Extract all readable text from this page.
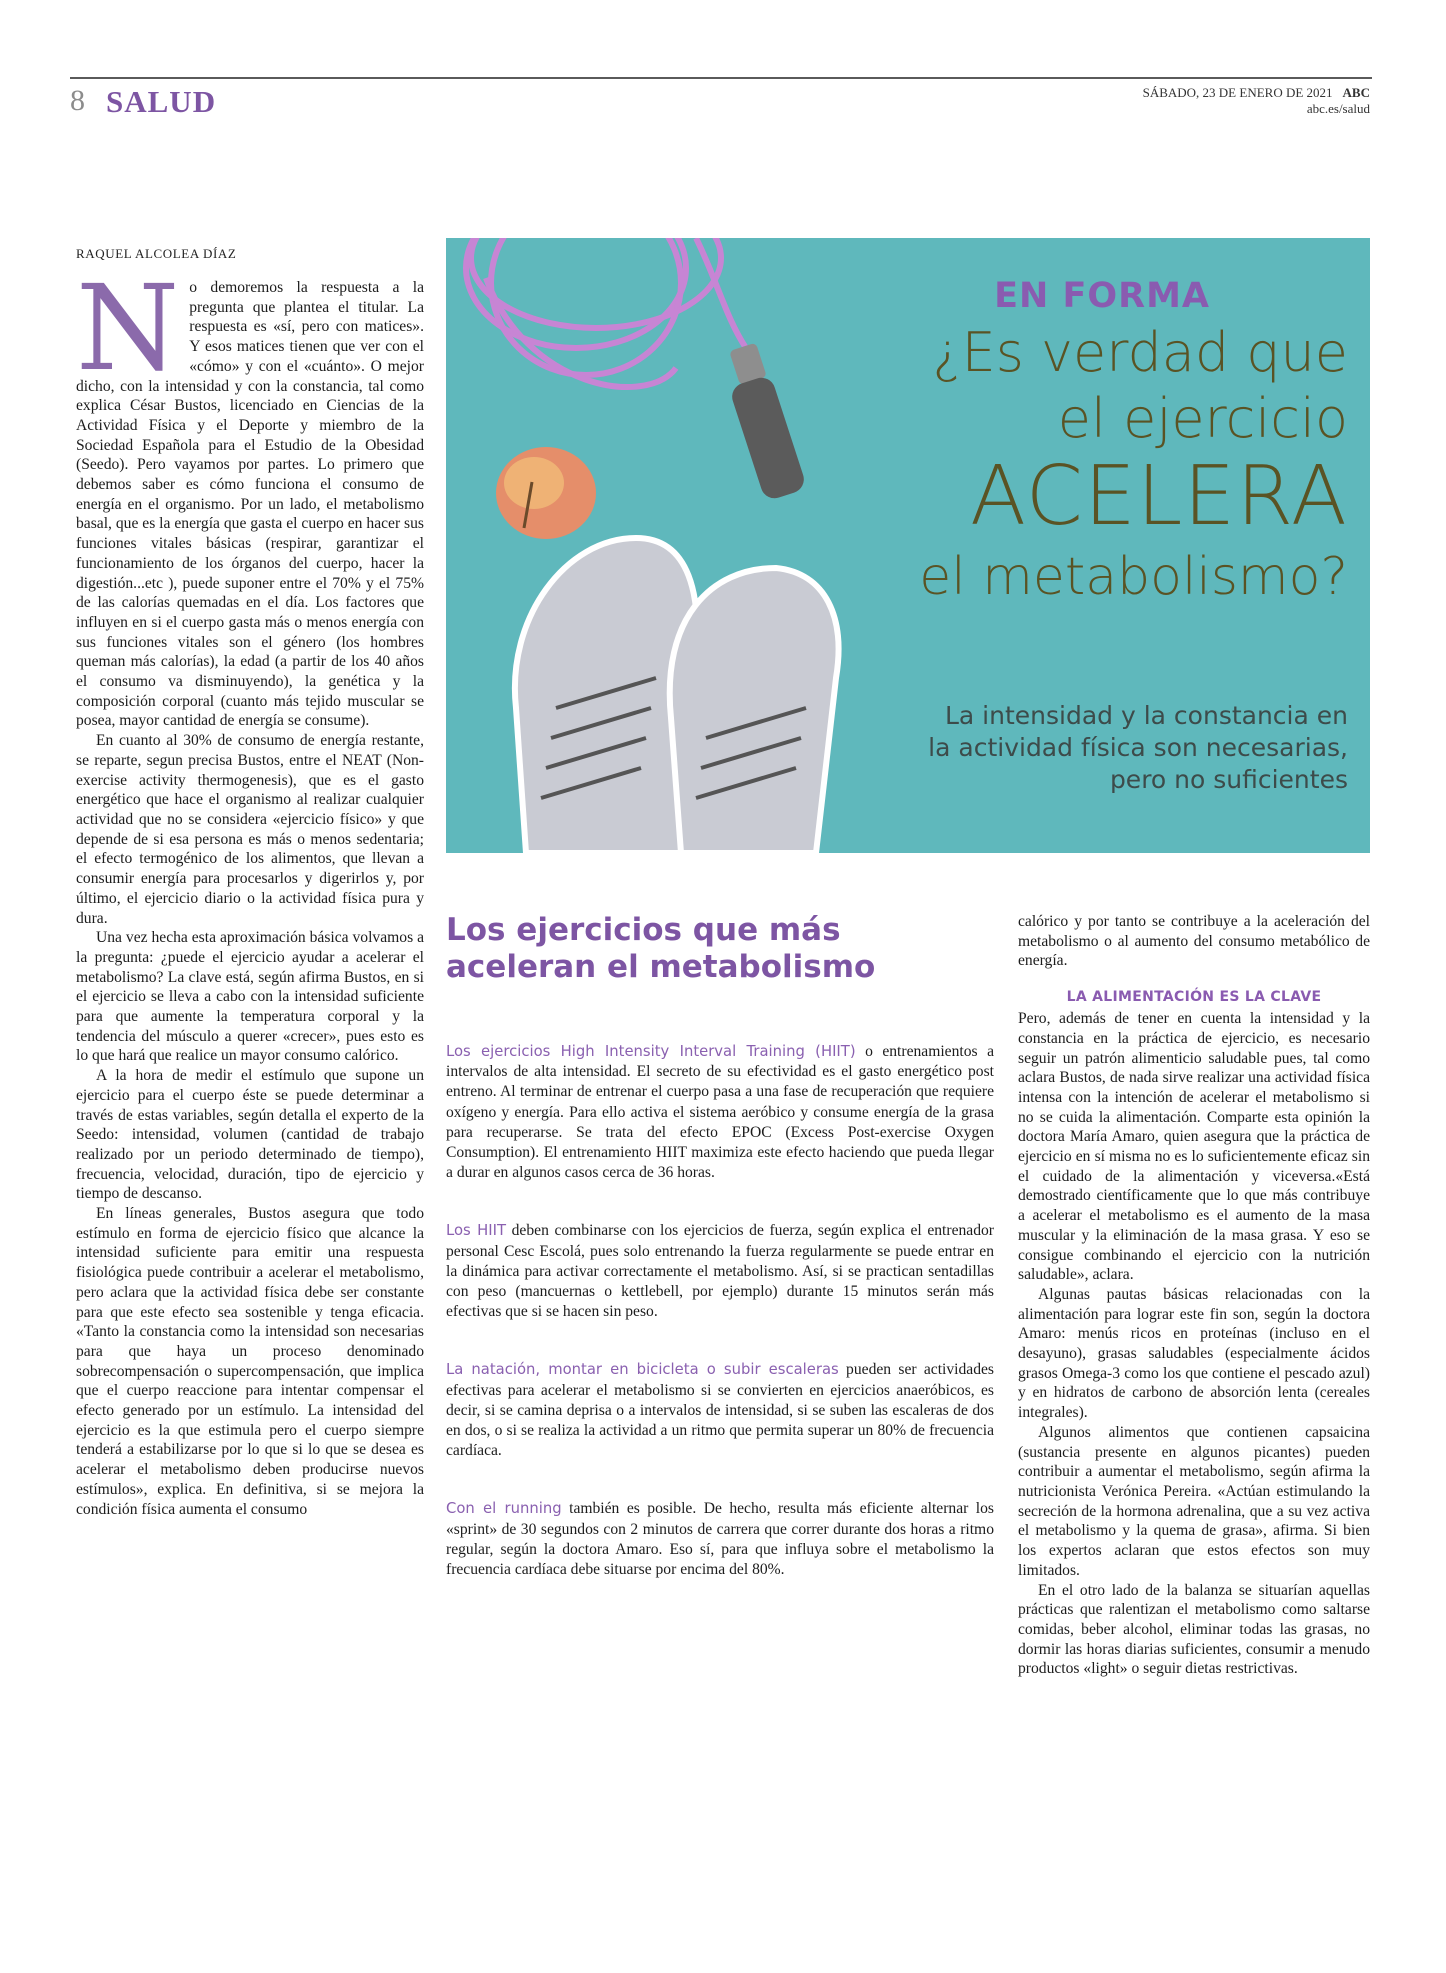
8 SALUD	SÁBADO, 23 DE ENERO DE 2021 ABC
abc.es/salud
RAQUEL ALCOLEA DÍAZ

No demoremos la respuesta a la pregunta que plantea el titular. La respuesta es «sí, pero con matices». Y esos matices tienen que ver con el «cómo» y con el «cuánto». O mejor dicho, con la intensidad y con la constancia, tal como explica César Bustos, licenciado en Ciencias de la Actividad Física y el Deporte y miembro de la Sociedad Española para el Estudio de la Obesidad (Seedo). Pero vayamos por partes. Lo primero que debemos saber es cómo funciona el consumo de energía en el organismo. Por un lado, el metabolismo basal, que es la energía que gasta el cuerpo en hacer sus funciones vitales básicas (respirar, garantizar el funcionamiento de los órganos del cuerpo, hacer la digestión...etc ), puede suponer entre el 70% y el 75% de las calorías quemadas en el día. Los factores que influyen en si el cuerpo gasta más o menos energía con sus funciones vitales son el género (los hombres queman más calorías), la edad (a partir de los 40 años el consumo va disminuyendo), la genética y la composición corporal (cuanto más tejido muscular se posea, mayor cantidad de energía se consume).

En cuanto al 30% de consumo de energía restante, se reparte, segun precisa Bustos, entre el NEAT (Non-exercise activity thermogenesis), que es el gasto energético que hace el organismo al realizar cualquier actividad que no se considera «ejercicio físico» y que depende de si esa persona es más o menos sedentaria; el efecto termogénico de los alimentos, que llevan a consumir energía para procesarlos y digerirlos y, por último, el ejercicio diario o la actividad física pura y dura.

Una vez hecha esta aproximación básica volvamos a la pregunta: ¿puede el ejercicio ayudar a acelerar el metabolismo? La clave está, según afirma Bustos, en si el ejercicio se lleva a cabo con la intensidad suficiente para que aumente la temperatura corporal y la tendencia del músculo a querer «crecer», pues esto es lo que hará que realice un mayor consumo calórico.

A la hora de medir el estímulo que supone un ejercicio para el cuerpo éste se puede determinar a través de estas variables, según detalla el experto de la Seedo: intensidad, volumen (cantidad de trabajo realizado por un periodo determinado de tiempo), frecuencia, velocidad, duración, tipo de ejercicio y tiempo de descanso.

En líneas generales, Bustos asegura que todo estímulo en forma de ejercicio físico que alcance la intensidad suficiente para emitir una respuesta fisiológica puede contribuir a acelerar el metabolismo, pero aclara que la actividad física debe ser constante para que este efecto sea sostenible y tenga eficacia. «Tanto la constancia como la intensidad son necesarias para que haya un proceso denominado sobrecompensación o supercompensación, que implica que el cuerpo reaccione para intentar compensar el efecto generado por un estímulo. La intensidad del ejercicio es la que estimula pero el cuerpo siempre tenderá a estabilizarse por lo que si lo que se desea es acelerar el metabolismo deben producirse nuevos estímulos», explica. En definitiva, si se mejora la condición física aumenta el consumo

EN FORMA
¿Es verdad que
el ejercicio
ACELERA
el metabolismo?
La intensidad y la constancia en la actividad física son necesarias, pero no suficientes
Los ejercicios que más aceleran el metabolismo

Los ejercicios High Intensity Interval Training (HIIT) o entrenamientos a intervalos de alta intensidad. El secreto de su efectividad es el gasto energético post entreno. Al terminar de entrenar el cuerpo pasa a una fase de recuperación que requiere oxígeno y energía. Para ello activa el sistema aeróbico y consume energía de la grasa para recuperarse. Se trata del efecto EPOC (Excess Post-exercise Oxygen Consumption). El entrenamiento HIIT maximiza este efecto haciendo que pueda llegar a durar en algunos casos cerca de 36 horas.

Los HIIT deben combinarse con los ejercicios de fuerza, según explica el entrenador personal Cesc Escolá, pues solo entrenando la fuerza regularmente se puede entrar en la dinámica para activar correctamente el metabolismo. Así, si se practican sentadillas con peso (mancuernas o kettlebell, por ejemplo) durante 15 minutos serán más efectivas que si se hacen sin peso.

La natación, montar en bicicleta o subir escaleras pueden ser actividades efectivas para acelerar el metabolismo si se convierten en ejercicios anaeróbicos, es decir, si se camina deprisa o a intervalos de intensidad, si se suben las escaleras de dos en dos, o si se realiza la actividad a un ritmo que permita superar un 80% de frecuencia cardíaca.

Con el running también es posible. De hecho, resulta más eficiente alternar los «sprint» de 30 segundos con 2 minutos de carrera que correr durante dos horas a ritmo regular, según la doctora Amaro. Eso sí, para que influya sobre el metabolismo la frecuencia cardíaca debe situarse por encima del 80%.

calórico y por tanto se contribuye a la aceleración del metabolismo o al aumento del consumo metabólico de energía.

LA ALIMENTACIÓN ES LA CLAVE

Pero, además de tener en cuenta la intensidad y la constancia en la práctica de ejercicio, es necesario seguir un patrón alimenticio saludable pues, tal como aclara Bustos, de nada sirve realizar una actividad física intensa con la intención de acelerar el metabolismo si no se cuida la alimentación. Comparte esta opinión la doctora María Amaro, quien asegura que la práctica de ejercicio en sí misma no es lo suficientemente eficaz sin el cuidado de la alimentación y viceversa.«Está demostrado científicamente que lo que más contribuye a acelerar el metabolismo es el aumento de la masa muscular y la eliminación de la masa grasa. Y eso se consigue combinando el ejercicio con la nutrición saludable», aclara.

Algunas pautas básicas relacionadas con la alimentación para lograr este fin son, según la doctora Amaro: menús ricos en proteínas (incluso en el desayuno), grasas saludables (especialmente ácidos grasos Omega-3 como los que contiene el pescado azul) y en hidratos de carbono de absorción lenta (cereales integrales).

Algunos alimentos que contienen capsaicina (sustancia presente en algunos picantes) pueden contribuir a aumentar el metabolismo, según afirma la nutricionista Verónica Pereira. «Actúan estimulando la secreción de la hormona adrenalina, que a su vez activa el metabolismo y la quema de grasa», afirma. Si bien los expertos aclaran que estos efectos son muy limitados.

En el otro lado de la balanza se situarían aquellas prácticas que ralentizan el metabolismo como saltarse comidas, beber alcohol, eliminar todas las grasas, no dormir las horas diarias suficientes, consumir a menudo productos «light» o seguir dietas restrictivas.
